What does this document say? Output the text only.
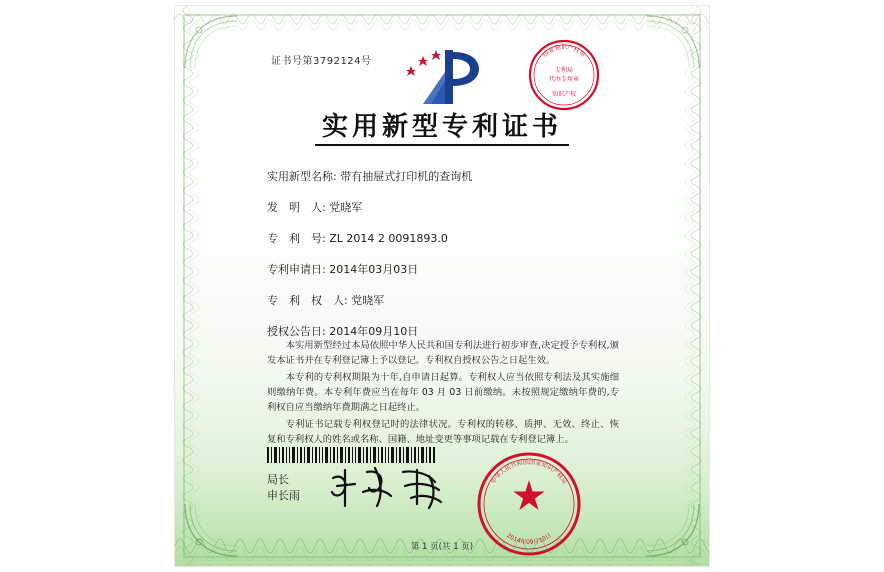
证书号第3792124号
国家知识产权局
专利局
代办专用章
知识产权
实用新型专利证书
实用新型名称: 带有抽屉式打印机的查询机
发　明　人: 党晓军
专　利　号: ZL 2014 2 0091893.0
专利申请日: 2014年03月03日
专　利　权　人: 党晓军
授权公告日: 2014年09月10日

本实用新型经过本局依照中华人民共和国专利法进行初步审查,决定授予专利权,颁发本证书并在专利登记簿上予以登记。专利权自授权公告之日起生效。

本专利的专利权期限为十年,自申请日起算。专利权人应当依照专利法及其实施细则缴纳年费。本专利年费应当在每年 03 月 03 日前缴纳。未按照规定缴纳年费的,专利权自应当缴纳年费期满之日起终止。

专利证书记载专利权登记时的法律状况。专利权的转移、质押、无效、终止、恢复和专利权人的姓名或名称、国籍、地址变更等事项记载在专利登记簿上。

局长
申长雨
中华人民共和国国家知识产权局
2014年09月10日
第 1 页(共 1 页)
